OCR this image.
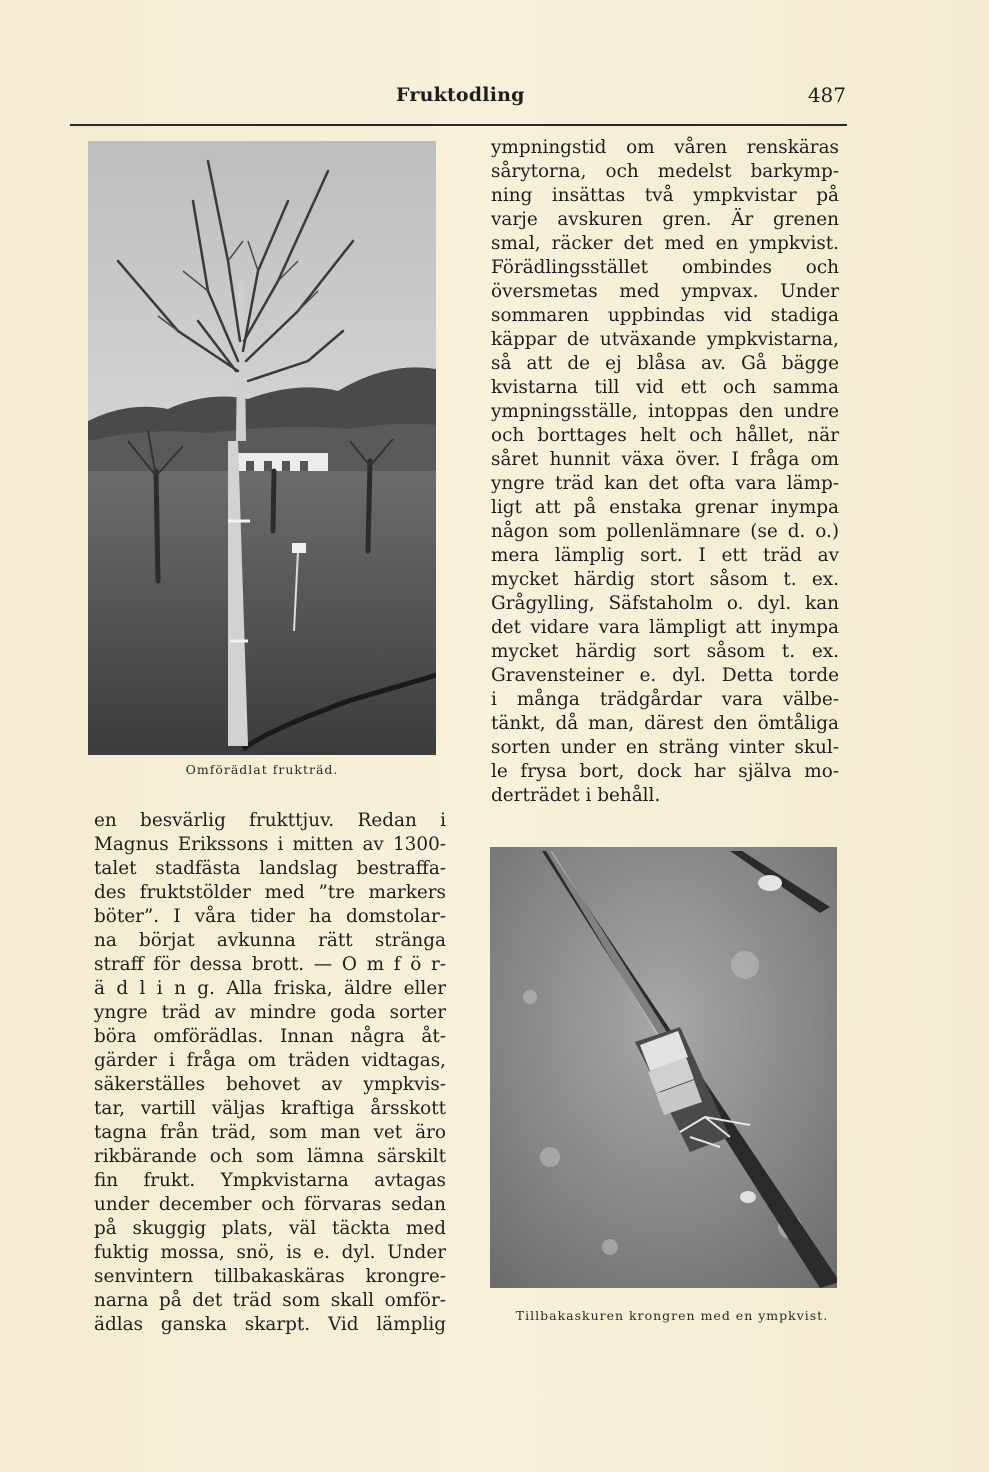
Fruktodling	487
Omförädlat frukträd.

en besvärlig frukttjuv. Redan i

Magnus Erikssons i mitten av 1300-

talet stadfästa landslag bestraffa-

des fruktstölder med ”tre markers

böter”. I våra tider ha domstolar-

na börjat avkunna rätt stränga

straff för dessa brott. — O m f ö r-

ä d l i n g. Alla friska, äldre eller

yngre träd av mindre goda sorter

böra omförädlas. Innan några åt-

gärder i fråga om träden vidtagas,

säkerställes behovet av ympkvis-

tar, vartill väljas kraftiga årsskott

tagna från träd, som man vet äro

rikbärande och som lämna särskilt

fin frukt. Ympkvistarna avtagas

under december och förvaras sedan

på skuggig plats, väl täckta med

fuktig mossa, snö, is e. dyl. Under

senvintern tillbakaskäras krongre-

narna på det träd som skall omför-

ädlas ganska skarpt. Vid lämplig

ympningstid om våren renskäras

sårytorna, och medelst barkymp-

ning insättas två ympkvistar på

varje avskuren gren. Är grenen

smal, räcker det med en ympkvist.

Förädlingsstället ombindes och

översmetas med ympvax. Under

sommaren uppbindas vid stadiga

käppar de utväxande ympkvistarna,

så att de ej blåsa av. Gå bägge

kvistarna till vid ett och samma

ympningsställe, intoppas den undre

och borttages helt och hållet, när

såret hunnit växa över. I fråga om

yngre träd kan det ofta vara lämp-

ligt att på enstaka grenar inympa

någon som pollenlämnare (se d. o.)

mera lämplig sort. I ett träd av

mycket härdig stort såsom t. ex.

Grågylling, Säfstaholm o. dyl. kan

det vidare vara lämpligt att inympa

mycket härdig sort såsom t. ex.

Gravensteiner e. dyl. Detta torde

i många trädgårdar vara välbe-

tänkt, då man, därest den ömtåliga

sorten under en sträng vinter skul-

le frysa bort, dock har själva mo-

derträdet i behåll.

Tillbakaskuren krongren med en ympkvist.
